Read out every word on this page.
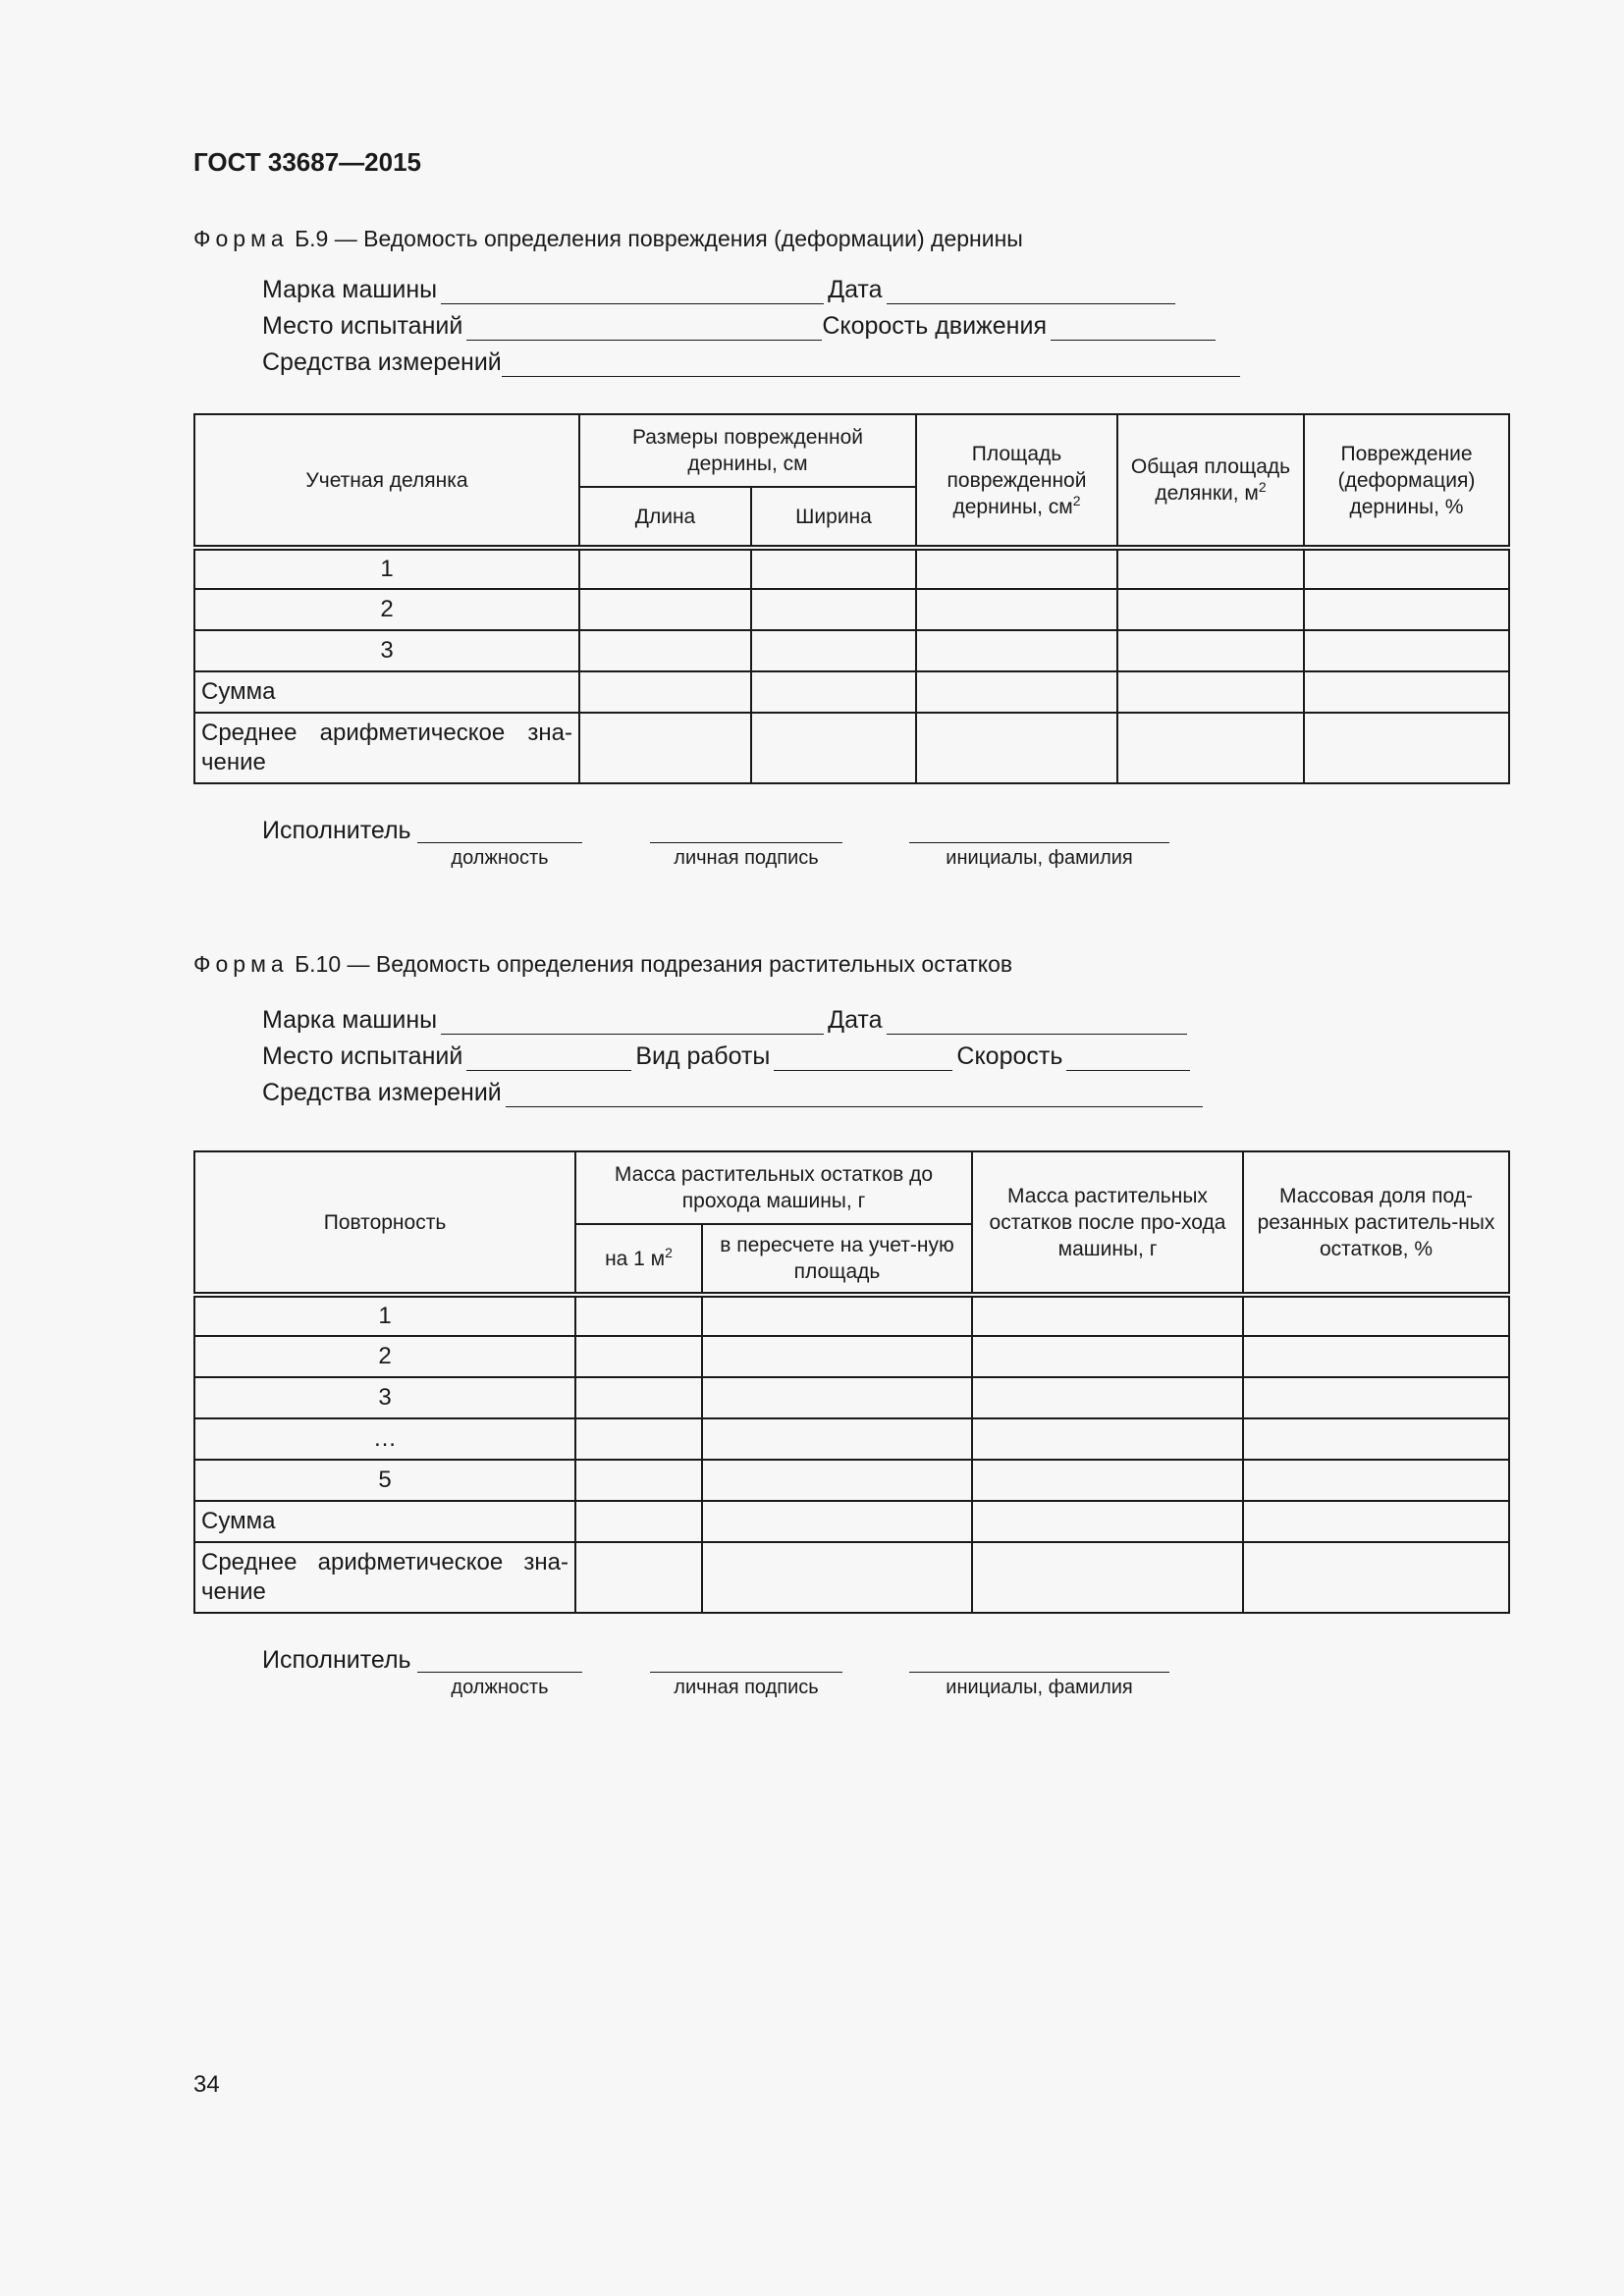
ГОСТ 33687—2015
Форма Б.9 — Ведомость определения повреждения (деформации) дернины
Марка машины	Дата
Место испытаний	Скорость движения
Средства измерений
Учетная делянка	Размеры поврежденной дернины, см		Площадь поврежденной дернины, $см^2$	Общая площадь делянки, $м^2$	Повреждение (деформация) дернины, %
	Длина	Ширина			
1					
2					
3					
Сумма					
Среднее арифметическое зна-чение					
Исполнитель
должность	личная подпись	инициалы, фамилия
Форма Б.10 — Ведомость определения подрезания растительных остатков
Марка машины	Дата
Место испытаний	Вид работы	Скорость
Средства измерений
Повторность	Масса растительных остатков до прохода машины, г		Масса растительных остатков после про-хода машины, г	Массовая доля под-резанных раститель-ных остатков, %
	на 1 $м^2$	в пересчете на учет-ную площадь		
1				
2				
3				
…				
5				
Сумма				
Среднее арифметическое зна-чение				
Исполнитель
должность	личная подпись	инициалы, фамилия
34
